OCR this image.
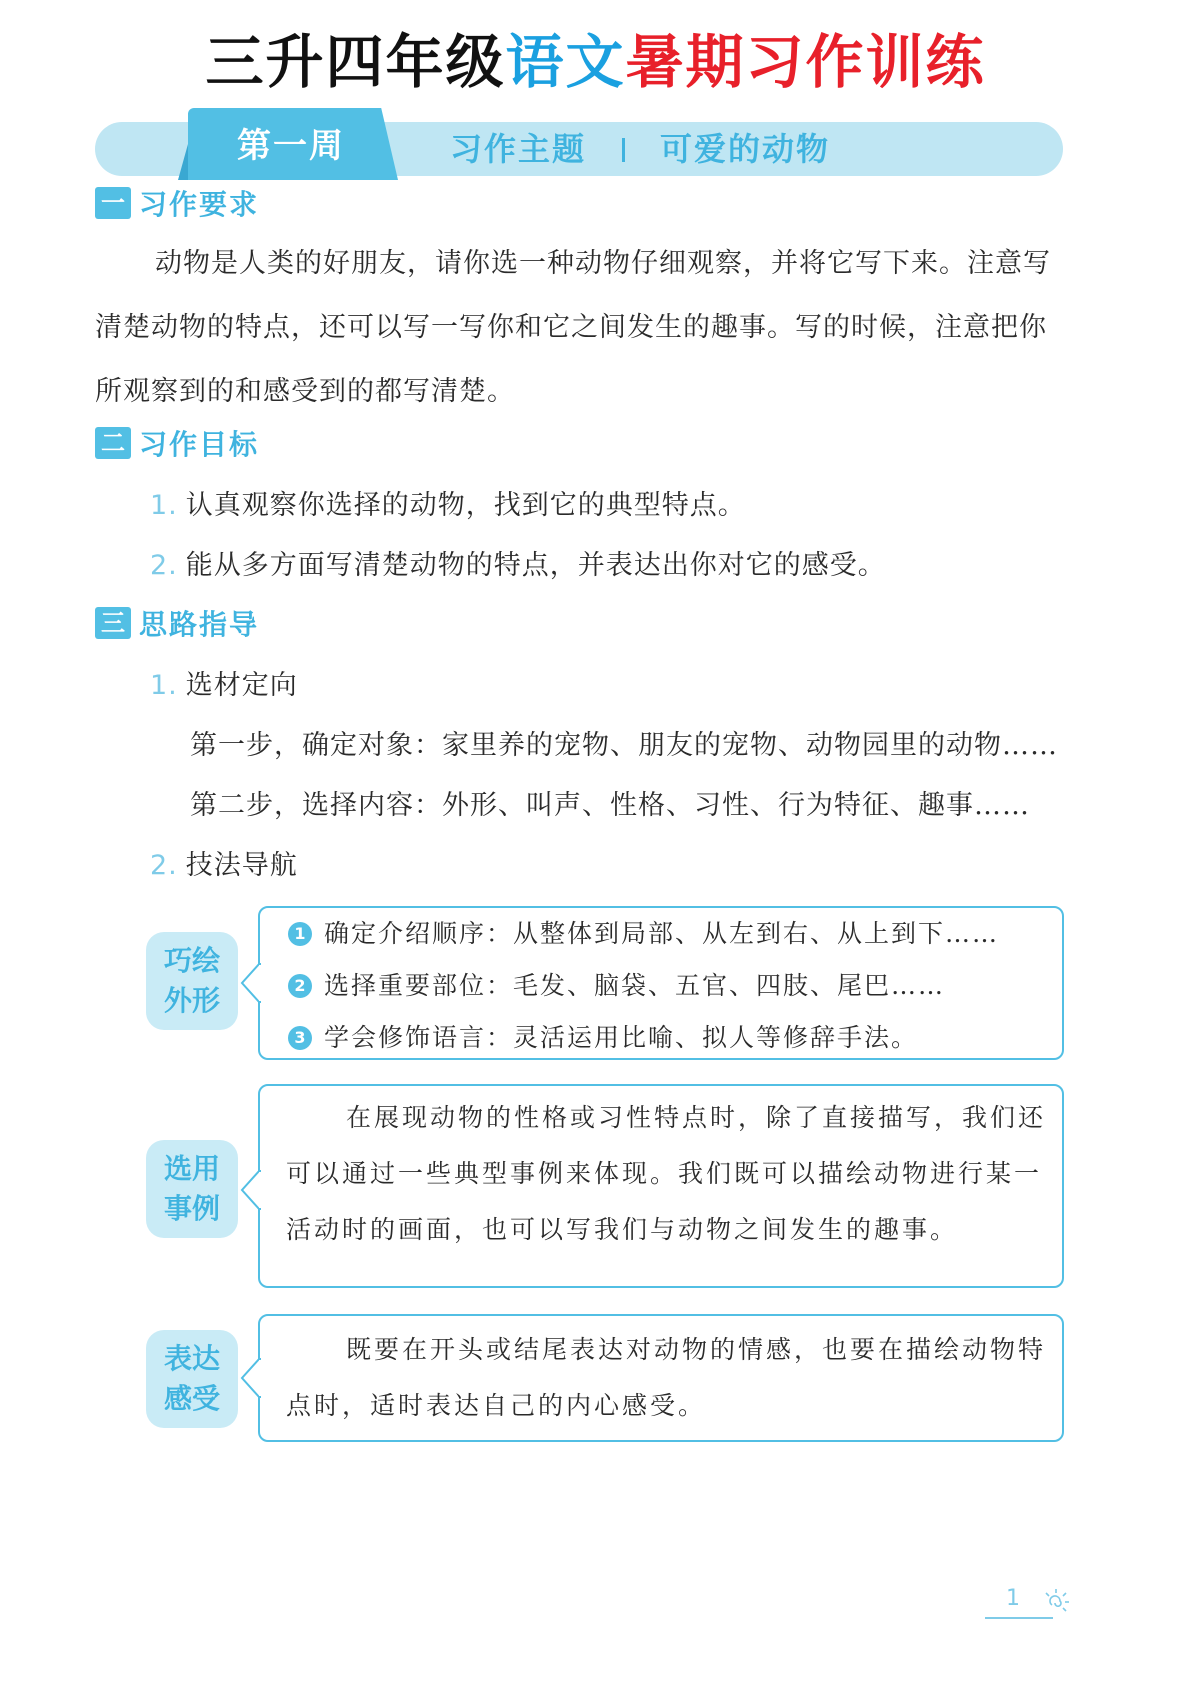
三升四年级语文暑期习作训练
第一周	习作主题 可爱的动物
一 习作要求

动物是人类的好朋友，请你选一种动物仔细观察，并将它写下来。注意写清楚动物的特点，还可以写一写你和它之间发生的趣事。写的时候，注意把你所观察到的和感受到的都写清楚。

二 习作目标
1. 认真观察你选择的动物，找到它的典型特点。
2. 能从多方面写清楚动物的特点，并表达出你对它的感受。
三 思路指导
1. 选材定向
第一步，确定对象：家里养的宠物、朋友的宠物、动物园里的动物……
第二步，选择内容：外形、叫声、性格、习性、行为特征、趣事……
2. 技法导航
巧绘
外形
1 确定介绍顺序：从整体到局部、从左到右、从上到下……
2 选择重要部位：毛发、脑袋、五官、四肢、尾巴……
3 学会修饰语言：灵活运用比喻、拟人等修辞手法。
选用
事例

在展现动物的性格或习性特点时，除了直接描写，我们还可以通过一些典型事例来体现。我们既可以描绘动物进行某一活动时的画面，也可以写我们与动物之间发生的趣事。

表达
感受

既要在开头或结尾表达对动物的情感，也要在描绘动物特点时，适时表达自己的内心感受。

1
